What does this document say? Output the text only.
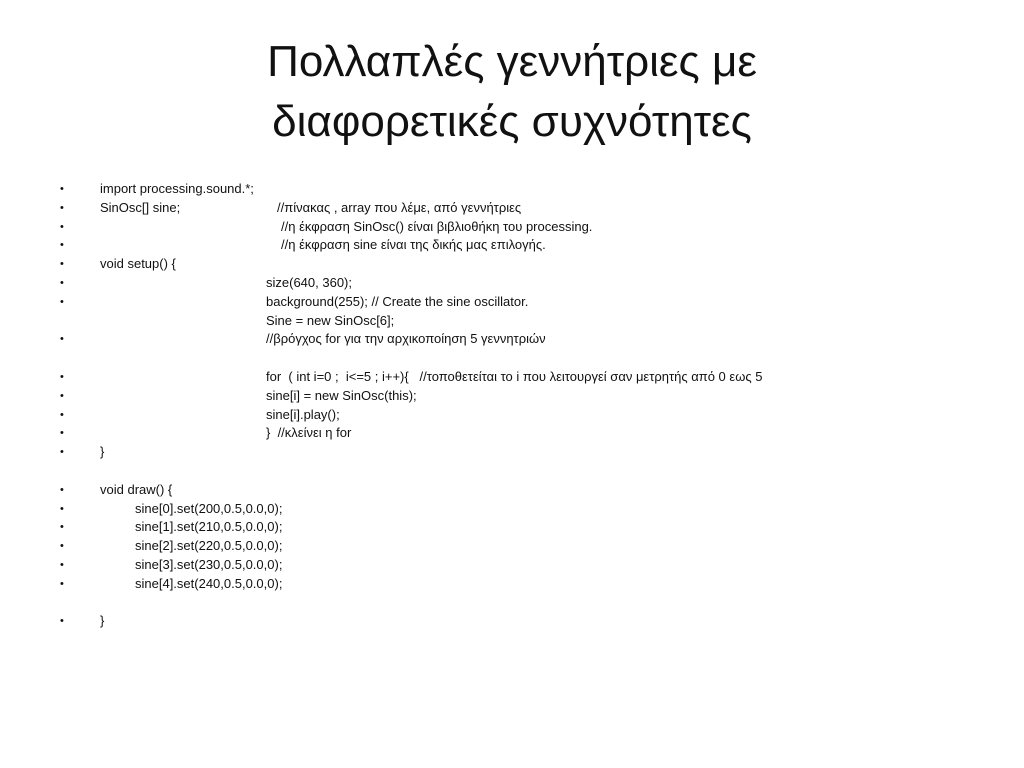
Πολλαπλές γεννήτριες με
διαφορετικές συχνότητες

•

	import processing.sound.*;

•

	SinOsc[] sine;

	//πίνακας , array που λέμε, από γεννήτριες

•

	//η έκφραση SinOsc() είναι βιβλιοθήκη του processing.

•

	//η έκφραση sine είναι της δικής μας επιλογής.

•

	void setup() {

•

	size(640, 360);

•

	background(255); // Create the sine oscillator.

Sine = new SinOsc[6];

•

	//βρόγχος for για την αρχικοποίηση 5 γεννητριών

•

	for  ( int i=0 ;  i<=5 ; i++){   //τοποθετείται το i που λειτουργεί σαν μετρητής από 0 εως 5

•

	sine[i] = new SinOsc(this);

•

	sine[i].play();

•

	}  //κλείνει η for

•

	}

•

	void draw() {

•

	sine[0].set(200,0.5,0.0,0);

•

	sine[1].set(210,0.5,0.0,0);

•

	sine[2].set(220,0.5,0.0,0);

•

	sine[3].set(230,0.5,0.0,0);

•

	sine[4].set(240,0.5,0.0,0);

•

	}
